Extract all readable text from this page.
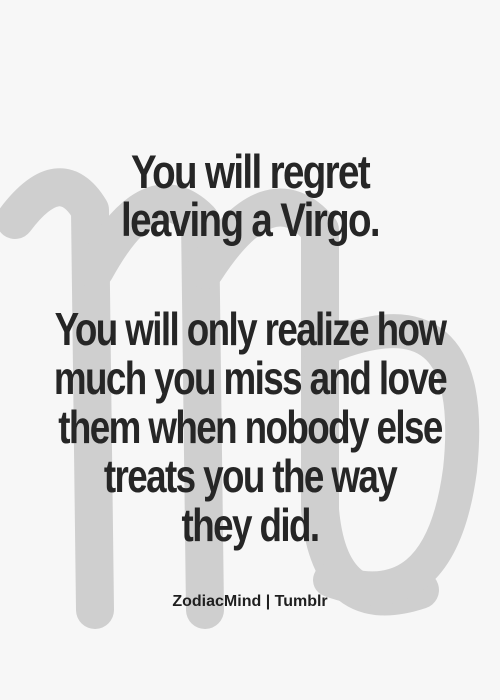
You will regret
leaving a Virgo.
You will only realize how
much you miss and love
them when nobody else
treats you the way
they did.
ZodiacMind | Tumblr
